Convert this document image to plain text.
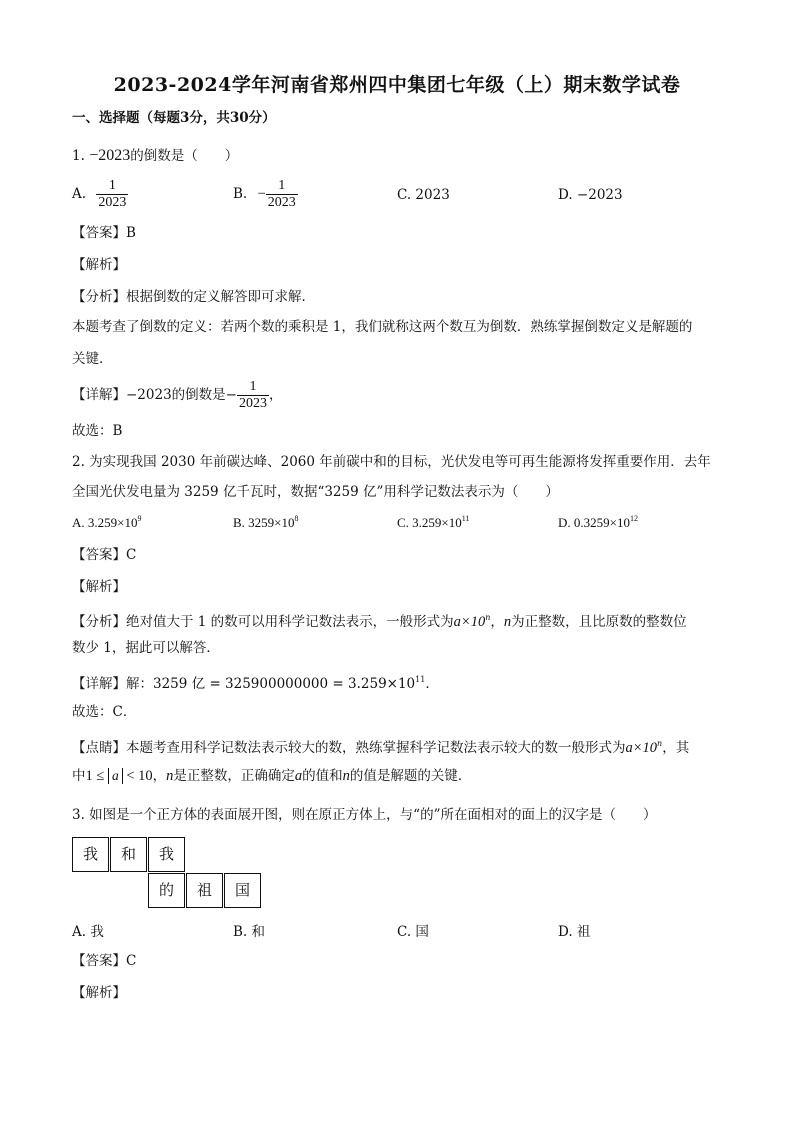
2023-2024学年河南省郑州四中集团七年级（上）期末数学试卷
一、选择题（每题3分，共30分）
1. −2023的倒数是（　　）
A. $\frac{1}{2023}$	B. − $\frac{1}{2023}$	C. 2023	D. −2023
【答案】B
【解析】
【分析】根据倒数的定义解答即可求解．
本题考查了倒数的定义：若两个数的乘积是 1，我们就称这两个数互为倒数．熟练掌握倒数定义是解题的
关键．
【详解】−2023的倒数是− $\frac{1}{2023}$ ，
故选：B
2. 为实现我国 2030 年前碳达峰、2060 年前碳中和的目标，光伏发电等可再生能源将发挥重要作用．去年
全国光伏发电量为 3259 亿千瓦时，数据“3259 亿”用科学记数法表示为（　　）
A. $3.259\times 10^9$	B. $3259\times 10^8$	C. $3.259\times 10^{11}$	D. $0.3259\times 10^{12}$
【答案】C
【解析】
【分析】绝对值大于 1 的数可以用科学记数法表示，一般形式为$a\times 10^n$，n为正整数，且比原数的整数位
数少 1，据此可以解答．
【详解】解：3259 亿 = $325900000000 = 3.259\times 10^{11}$．
故选：C．
【点睛】本题考查用科学记数法表示较大的数，熟练掌握科学记数法表示较大的数一般形式为$a\times 10^n$，其
中1 ≤ a < 10，n是正整数，正确确定a的值和n的值是解题的关键．
3. 如图是一个正方体的表面展开图，则在原正方体上，与“的”所在面相对的面上的汉字是（　　）
我	和	我
的	祖	国
A. 我	B. 和	C. 国	D. 祖
【答案】C
【解析】
